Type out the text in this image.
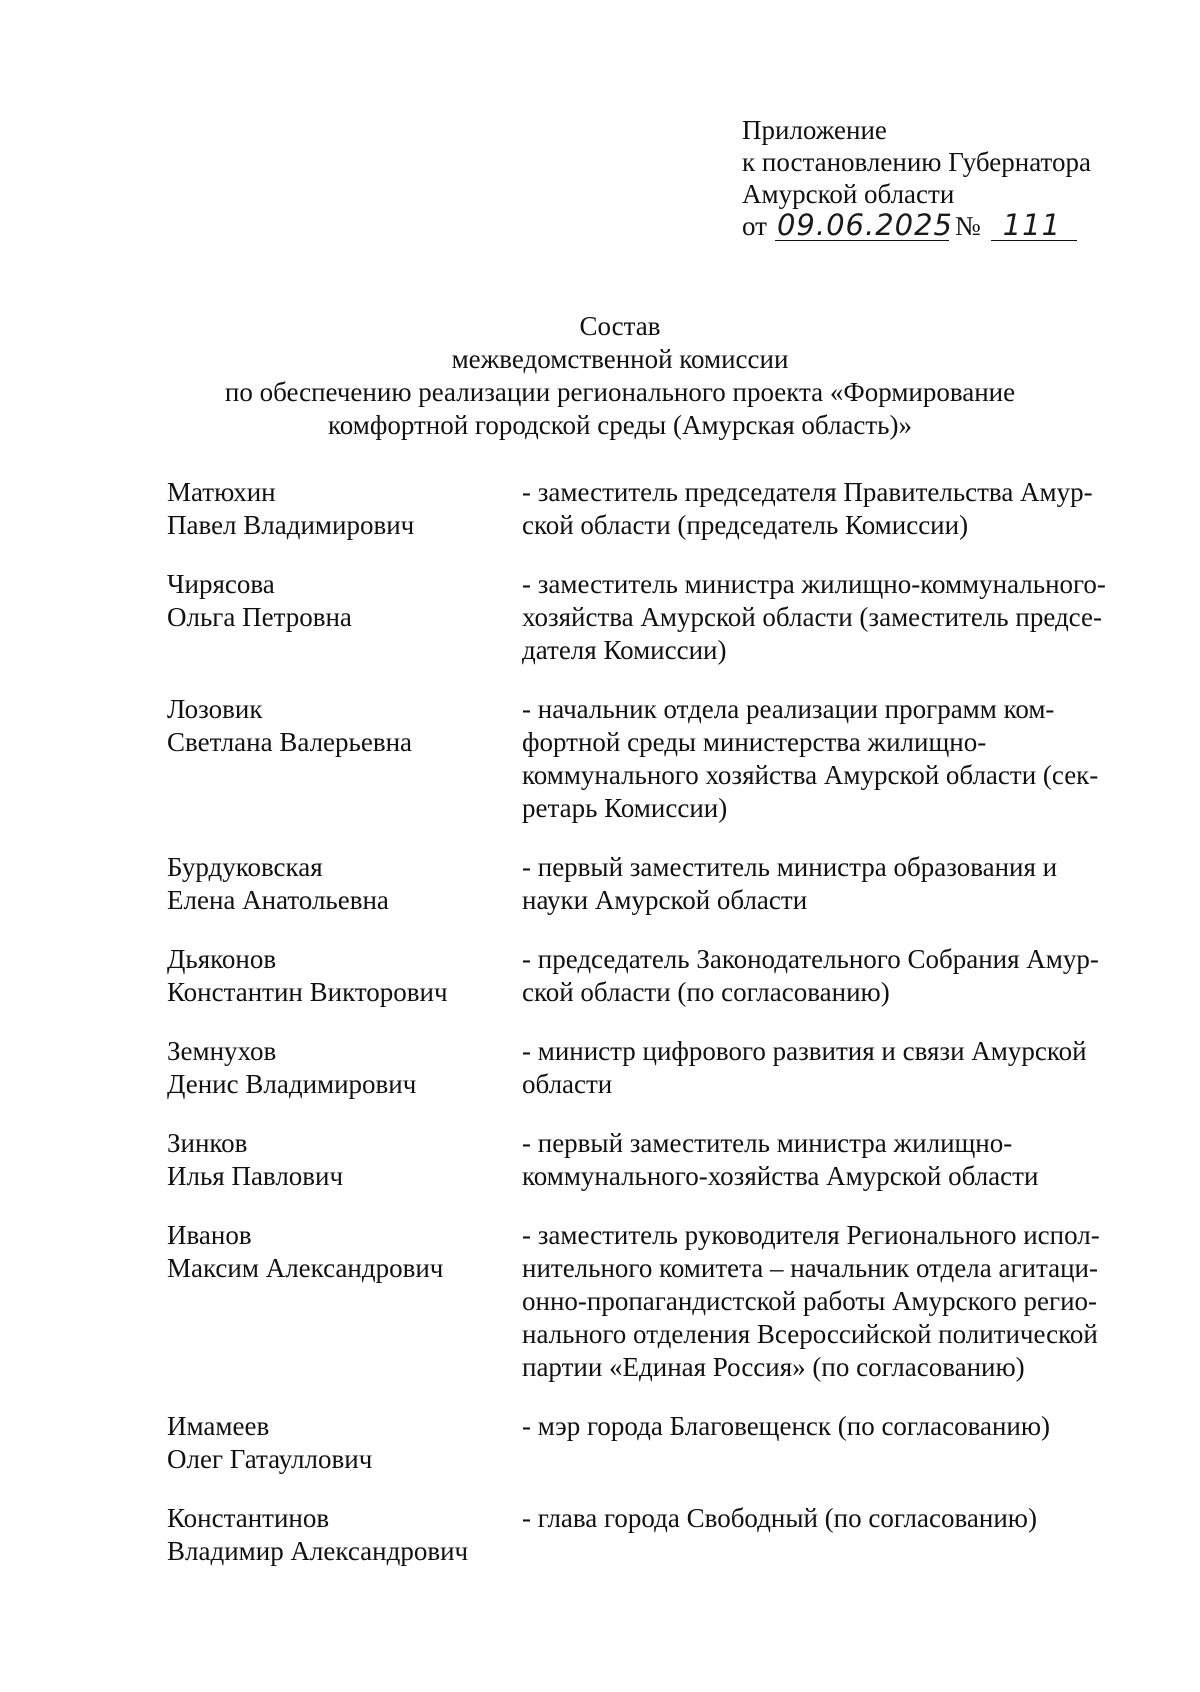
Приложение
к постановлению Губернатора
Амурской области
от 09.06.2025 № 111
Состав
межведомственной комиссии
по обеспечению реализации регионального проекта «Формирование
комфортной городской среды (Амурская область)»
Матюхин
Павел Владимирович
- заместитель председателя Правительства Амур-
ской области (председатель Комиссии)
Чирясова
Ольга Петровна
- заместитель министра жилищно-коммунального-
хозяйства Амурской области (заместитель предсе-
дателя Комиссии)
Лозовик
Светлана Валерьевна
- начальник отдела реализации программ ком-
фортной среды министерства жилищно-
коммунального хозяйства Амурской области (сек-
ретарь Комиссии)
Бурдуковская
Елена Анатольевна
- первый заместитель министра образования и
науки Амурской области
Дьяконов
Константин Викторович
- председатель Законодательного Собрания Амур-
ской области (по согласованию)
Земнухов
Денис Владимирович
- министр цифрового развития и связи Амурской
области
Зинков
Илья Павлович
- первый заместитель министра жилищно-
коммунального-хозяйства Амурской области
Иванов
Максим Александрович
- заместитель руководителя Регионального испол-
нительного комитета – начальник отдела агитаци-
онно-пропагандистской работы Амурского регио-
нального отделения Всероссийской политической
партии «Единая Россия» (по согласованию)
Имамеев
Олег Гатауллович
- мэр города Благовещенск (по согласованию)
Константинов
Владимир Александрович
- глава города Свободный (по согласованию)
